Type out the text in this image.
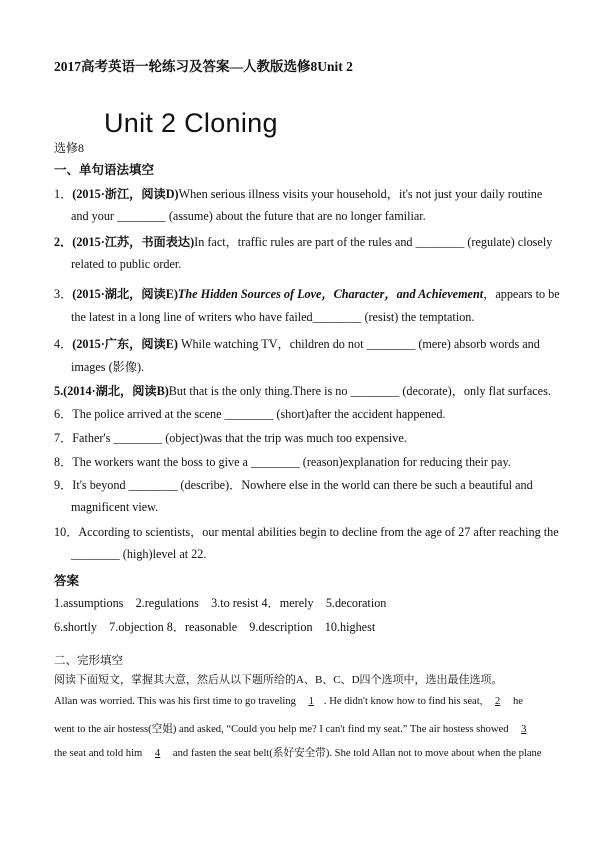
2017高考英语一轮练习及答案—人教版选修8Unit 2
Unit 2 Cloning
选修8
一、单句语法填空
1．(2015·浙江，阅读D)When serious illness visits your household，it's not just your daily routine
and your ________ (assume) about the future that are no longer familiar.
2．(2015·江苏，书面表达)In fact，traffic rules are part of the rules and ________ (regulate) closely
related to public order.
3．(2015·湖北，阅读E)The Hidden Sources of Love，Character，and Achievement，appears to be
the latest in a long line of writers who have failed________ (resist) the temptation.
4．(2015·广东，阅读E) While watching TV，children do not ________ (mere) absorb words and
images (影像).
5.(2014·湖北，阅读B)But that is the only thing.There is no ________ (decorate)，only flat surfaces.
6．The police arrived at the scene ________ (short)after the accident happened.
7．Father's ________ (object)was that the trip was much too expensive.
8．The workers want the boss to give a ________ (reason)explanation for reducing their pay.
9．It's beyond ________ (describe)．Nowhere else in the world can there be such a beautiful and
magnificent view.
10．According to scientists，our mental abilities begin to decline from the age of 27 after reaching the
________ (high)level at 22.
答案
1.assumptions    2.regulations    3.to resist 4．merely    5.decoration
6.shortly    7.objection 8．reasonable    9.description    10.highest
二、完形填空
阅读下面短文，掌握其大意，然后从以下题所给的A、B、C、D四个选项中，选出最佳选项。
Allan was worried. This was his first time to go traveling 1 . He didn't know how to find his seat, 2 he
went to the air hostess(空姐) and asked, “Could you help me? I can't find my seat.” The air hostess showed 3
the seat and told him 4 and fasten the seat belt(系好安全带). She told Allan not to move about when the plane
